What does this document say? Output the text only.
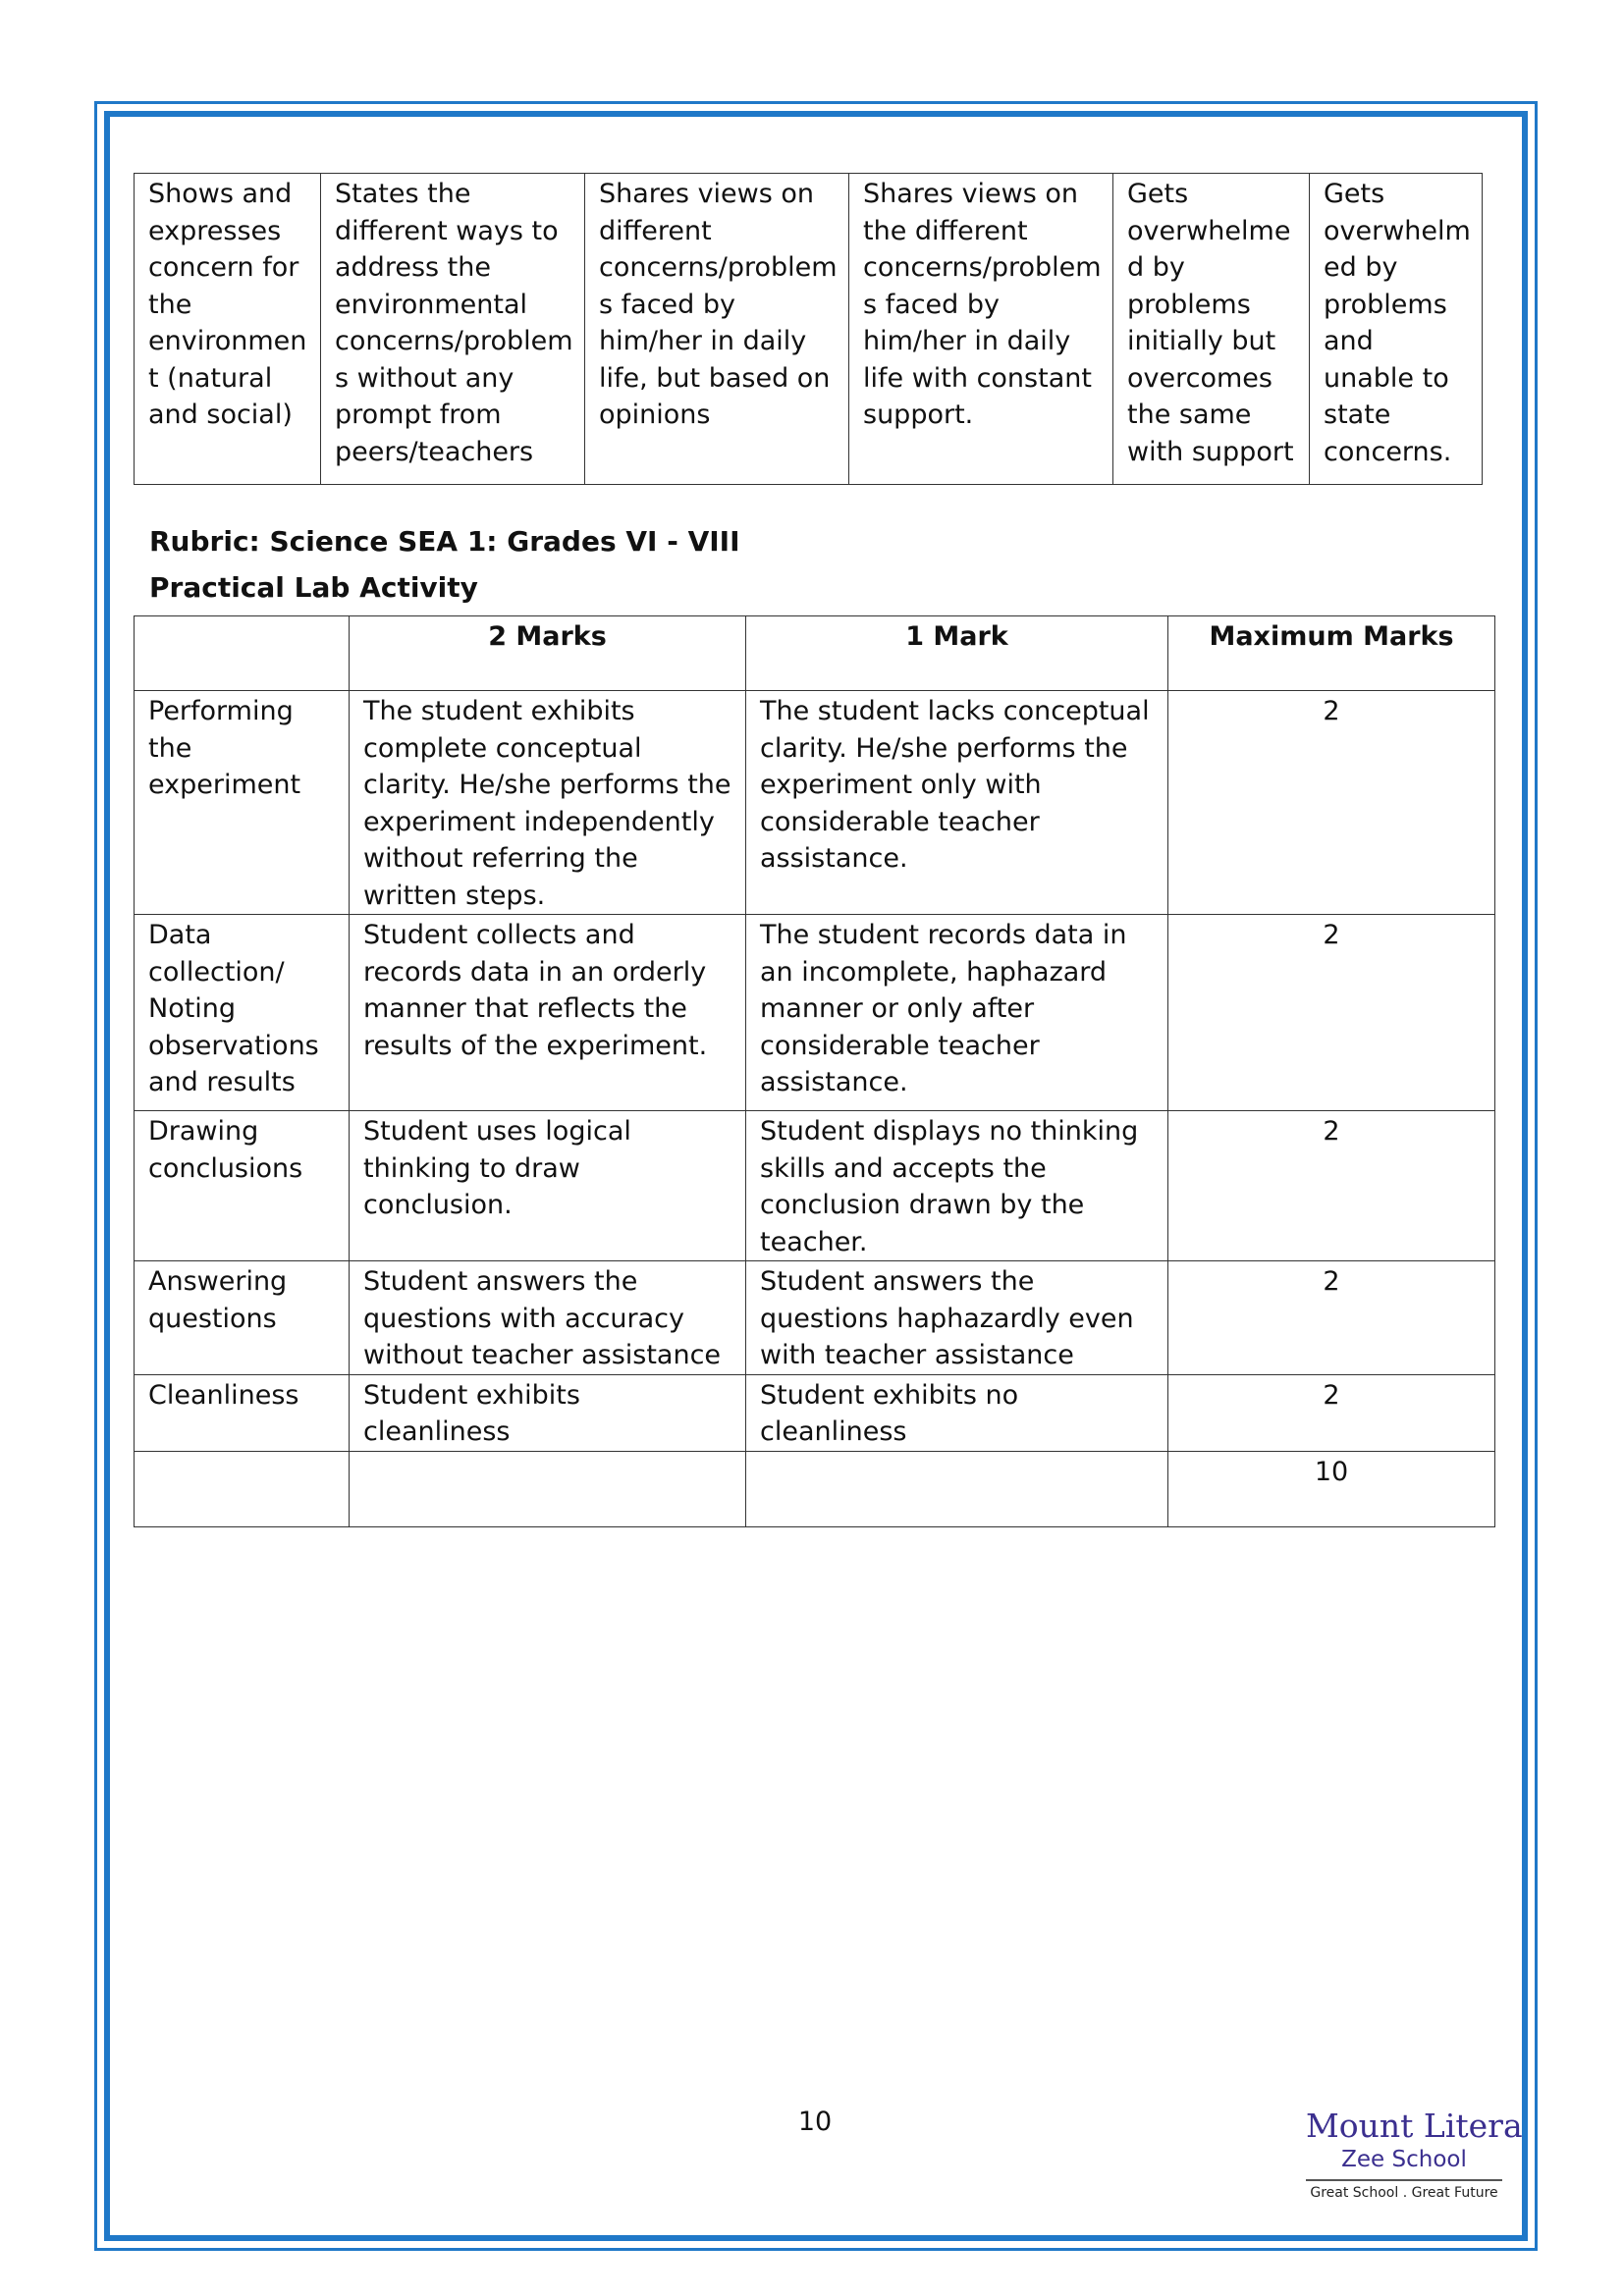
Shows and expresses concern for the environmen t (natural and social)	States the different ways to address the environmental concerns/problem s without any prompt from peers/teachers	Shares views on different concerns/problem s faced by him/her in daily life, but based on opinions	Shares views on the different concerns/problem s faced by him/her in daily life with constant support.	Gets overwhelme d by problems initially but overcomes the same with support	Gets overwhelm ed by problems and unable to state concerns.
Rubric: Science SEA 1: Grades VI - VIII
Practical Lab Activity
	2 Marks	1 Mark	Maximum Marks
Performing the experiment	The student exhibits complete conceptual clarity. He/she performs the experiment independently without referring the written steps.	The student lacks conceptual clarity. He/she performs the experiment only with considerable teacher assistance.	2
Data collection/ Noting observations and results	Student collects and records data in an orderly manner that reflects the results of the experiment.	The student records data in an incomplete, haphazard manner or only after considerable teacher assistance.	2
Drawing conclusions	Student uses logical thinking to draw conclusion.	Student displays no thinking skills and accepts the conclusion drawn by the teacher.	2
Answering questions	Student answers the questions with accuracy without teacher assistance	Student answers the questions haphazardly even with teacher assistance	2
Cleanliness	Student exhibits cleanliness	Student exhibits no cleanliness	2
			10
10	Mount Litera
Zee School
Great School . Great Future
